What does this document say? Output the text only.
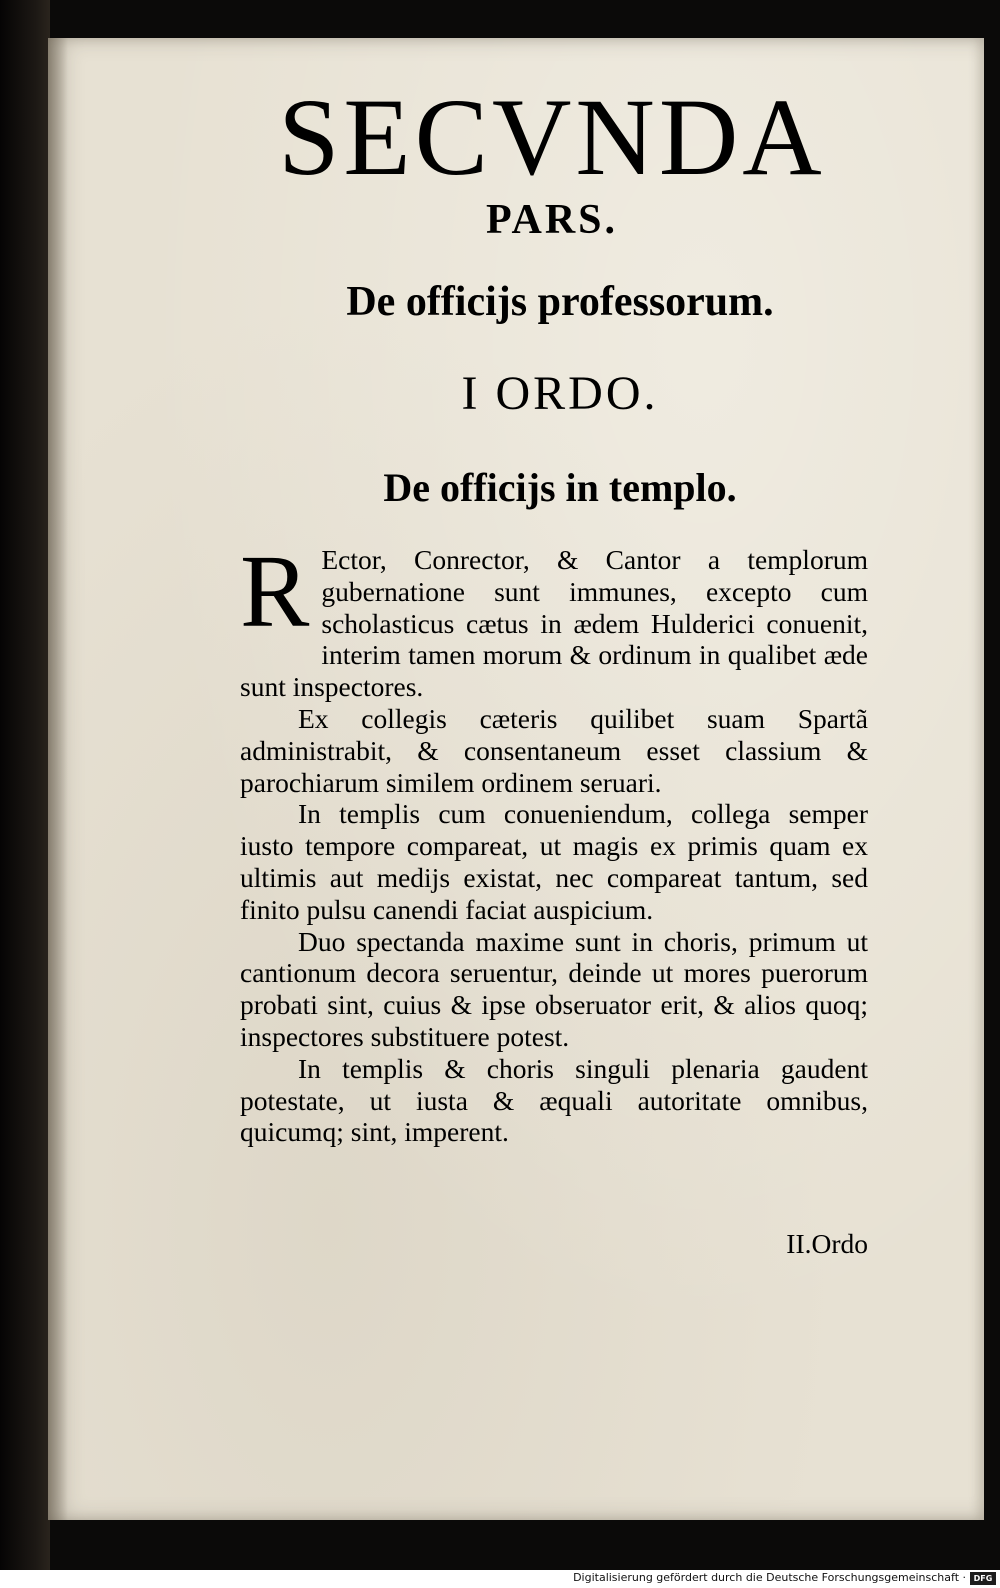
SECVNDA
PARS.
De officijs professorum.
I ORDO.
De officijs in templo.

R Ector, Conrector, & Cantor a templorum gubernatione sunt immunes, excepto cum scholasticus cætus in ædem Hulderici conuenit, interim tamen morum & ordinum in qualibet æde sunt inspectores.

Ex collegis cæteris quilibet suam Spartã administrabit, & consentaneum esset classium & parochiarum similem ordinem seruari.

In templis cum conueniendum, collega semper iusto tempore compareat, ut magis ex primis quam ex ultimis aut medijs existat, nec compareat tantum, sed finito pulsu canendi faciat auspicium.

Duo spectanda maxime sunt in choris, primum ut cantionum decora seruentur, deinde ut mores puerorum probati sint, cuius & ipse obseruator erit, & alios quoq; inspectores substituere potest.

In templis & choris singuli plenaria gaudent potestate, ut iusta & æquali autoritate omnibus, quicumq; sint, imperent.

II.Ordo
Digitalisierung gefördert durch die Deutsche Forschungsgemeinschaft · DFG
